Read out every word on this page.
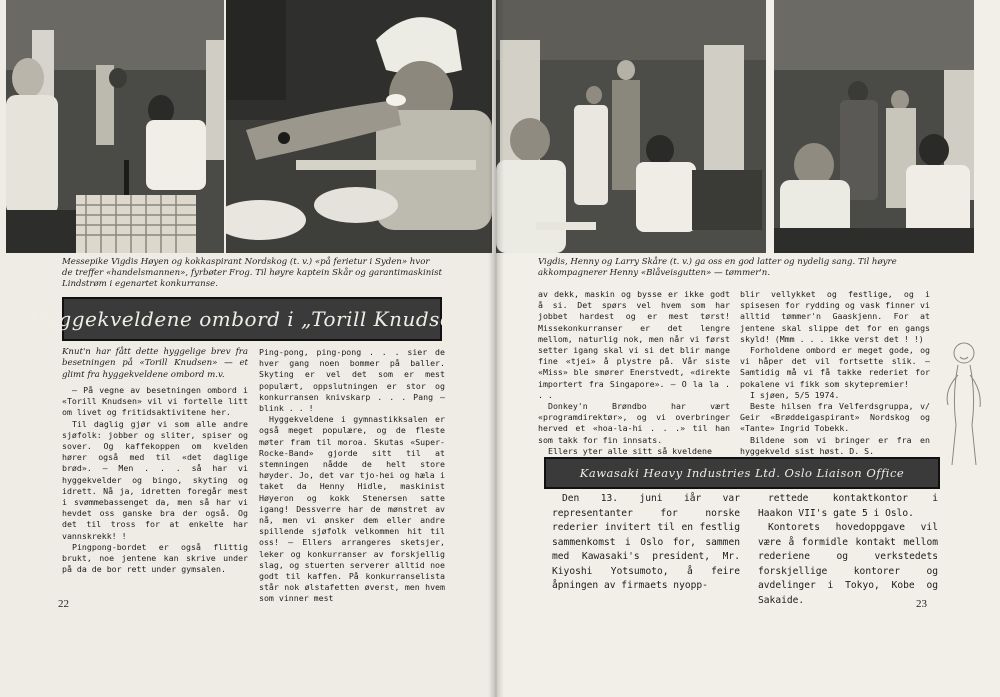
Messepike Vigdis Høyen og kokkaspirant Nordskog (t. v.) «på ferietur i Syden» hvor de treffer «handelsmannen», fyrbøter Frog. Til høyre kaptein Skår og garantimaskinist Lindstrøm i egenartet konkurranse.

Hyggekveldene ombord i „Torill Knudsen"

Knut'n har fått dette hyggelige brev fra besetningen på «Torill Knudsen» — et glimt fra hyggekveldene ombord m.v.

— På vegne av besetningen ombord i «Torill Knudsen» vil vi fortelle litt om livet og fritidsaktivitene her.

Til daglig gjør vi som alle andre sjøfolk: jobber og sliter, spiser og sover. Og kaffekoppen om kvelden hører også med til «det daglige brød». — Men . . . så har vi hyggekvelder og bingo, skyting og idrett. Nå ja, idretten foregår mest i svømmebassenget da, men så har vi hevdet oss ganske bra der også. Og det til tross for at enkelte har vannskrekk! !

Pingpong-bordet er også flittig brukt, noe jentene kan skrive under på da de bor rett under gymsalen.

Ping-pong, ping-pong . . . sier de hver gang noen bommer på baller. Skyting er vel det som er mest populært, oppslutningen er stor og konkurransen knivskarp . . . Pang — blink . . !

Hyggekveldene i gymnastikksalen er også meget populære, og de fleste møter fram til moroa. Skutas «Super-Rocke-Band» gjorde sitt til at stemningen nådde de helt store høyder. Jo, det var tjo-hei og hæla i taket da Henny Hidle, maskinist Høyeron og kokk Stenersen satte igang! Dessverre har de mønstret av nå, men vi ønsker dem eller andre spillende sjøfolk velkommen hit til oss! — Ellers arrangeres sketsjer, leker og konkurranser av forskjellig slag, og stuerten serverer alltid noe godt til kaffen. På konkurranselista står nok ølstafetten øverst, men hvem som vinner mest

22

Vigdis, Henny og Larry Skåre (t. v.) ga oss en god latter og nydelig sang. Til høyre akkompagnerer Henny «Blåveisgutten» — tømmer'n.

av dekk, maskin og bysse er ikke godt å si. Det spørs vel hvem som har jobbet hardest og er mest tørst! Missekonkurranser er det lengre mellom, naturlig nok, men når vi først setter igang skal vi si det blir mange fine «tjei» å plystre på. Vår siste «Miss» ble smører Enerstvedt, «direkte importert fra Singapore». — O la la . . .

Donkey'n Brøndbo har vært «programdirektør», og vi overbringer herved et «hoa-la-hi . . .» til han som takk for fin innsats.

Ellers yter alle sitt så kveldene

blir vellykket og festlige, og i spisesen for rydding og vask finner vi alltid tømmer'n Gaaskjenn. For at jentene skal slippe det for en gangs skyld! (Mmm . . . ikke verst det ! !)

Forholdene ombord er meget gode, og vi håper det vil fortsette slik. — Samtidig må vi få takke rederiet for pokalene vi fikk som skytepremier!

I sjøen, 5/5 1974.

Beste hilsen fra Velferdsgruppa, v/ Geir «Brøddeigaspirant» Nordskog og «Tante» Ingrid Tobekk.

Bildene som vi bringer er fra en hyggekveld sist høst. D. S.

Kawasaki Heavy Industries Ltd. Oslo Liaison Office

Den 13. juni iår var representanter for norske rederier invitert til en festlig sammenkomst i Oslo for, sammen med Kawasaki's president, Mr. Kiyoshi Yotsumoto, å feire åpningen av firmaets nyopp-

rettede kontaktkontor i Haakon VII's gate 5 i Oslo.

Kontorets hovedoppgave vil være å formidle kontakt mellom rederiene og verkstedets forskjellige kontorer og avdelinger i Tokyo, Kobe og Sakaide.	23
